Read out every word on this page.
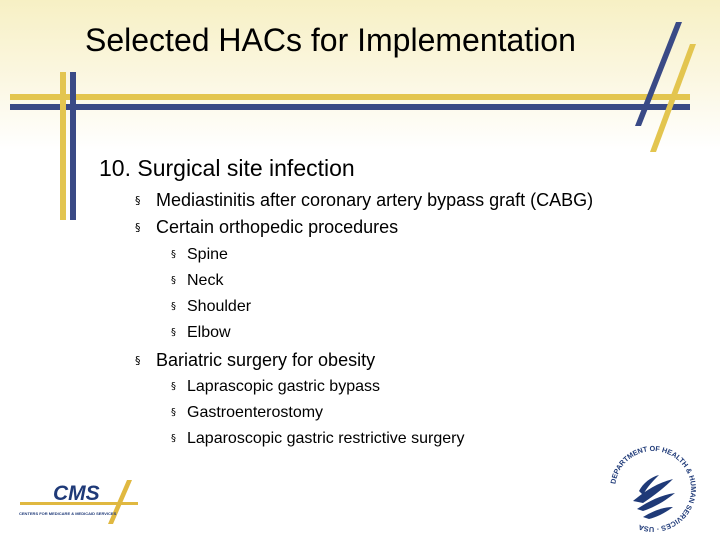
Selected HACs for Implementation
10. Surgical site infection
§ Mediastinitis after coronary artery bypass graft (CABG)
§ Certain orthopedic procedures
§ Spine
§ Neck
§ Shoulder
§ Elbow
§ Bariatric surgery for obesity
§ Laprascopic gastric bypass
§ Gastroenterostomy
§ Laparoscopic gastric restrictive surgery
CMS
CENTERS FOR MEDICARE & MEDICAID SERVICES
DEPARTMENT OF HEALTH & HUMAN SERVICES · USA
